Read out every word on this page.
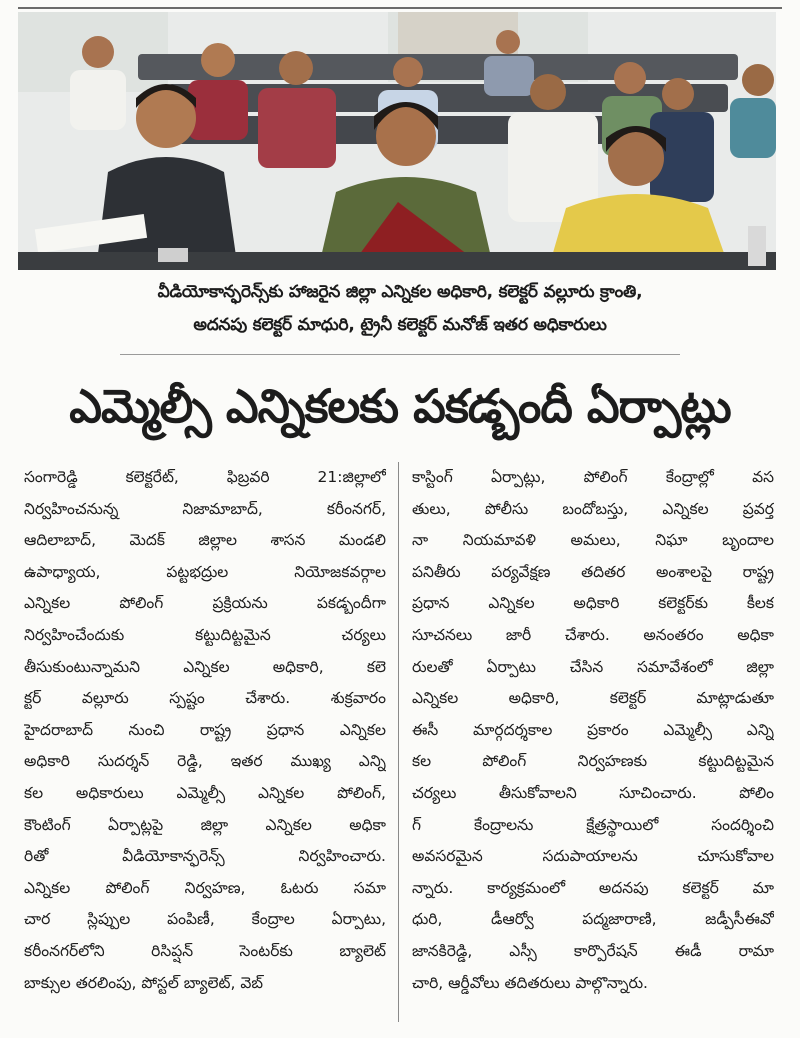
వీడియోకాన్ఫరెన్స్‌కు హాజరైన జిల్లా ఎన్నికల అధికారి, కలెక్టర్ వల్లూరు క్రాంతి,
అదనపు కలెక్టర్ మాధురి, ట్రైనీ కలెక్టర్ మనోజ్ ఇతర అధికారులు
ఎమ్మెల్సీ ఎన్నికలకు పకడ్బందీ ఏర్పాట్లు
సంగారెడ్డి కలెక్టరేట్, ఫిబ్రవరి 21:జిల్లాలో
నిర్వహించనున్న నిజామాబాద్, కరీంనగర్,
ఆదిలాబాద్, మెదక్ జిల్లాల శాసన మండలి
ఉపాధ్యాయ, పట్టభద్రుల నియోజకవర్గాల
ఎన్నికల పోలింగ్ ప్రక్రియను పకడ్బందీగా
నిర్వహించేందుకు కట్టుదిట్టమైన చర్యలు
తీసుకుంటున్నామని ఎన్నికల అధికారి, కలె
క్టర్ వల్లూరు స్పష్టం చేశారు. శుక్రవారం
హైదరాబాద్ నుంచి రాష్ట్ర ప్రధాన ఎన్నికల
అధికారి సుదర్శన్ రెడ్డి, ఇతర ముఖ్య ఎన్ని
కల అధికారులు ఎమ్మెల్సీ ఎన్నికల పోలింగ్,
కౌంటింగ్ ఏర్పాట్లపై జిల్లా ఎన్నికల అధికా
రితో వీడియోకాన్ఫరెన్స్ నిర్వహించారు.
ఎన్నికల పోలింగ్ నిర్వహణ, ఓటరు సమా
చార స్లిప్పుల పంపిణీ, కేంద్రాల ఏర్పాటు,
కరీంనగర్‌లోని రిసిప్షన్ సెంటర్‌కు బ్యాలెట్
బాక్సుల తరలింపు, పోస్టల్ బ్యాలెట్, వెబ్
కాస్టింగ్ ఏర్పాట్లు, పోలింగ్ కేంద్రాల్లో వస
తులు, పోలీసు బందోబస్తు, ఎన్నికల ప్రవర్త
నా నియమావళి అమలు, నిఘా బృందాల
పనితీరు పర్యవేక్షణ తదితర అంశాలపై రాష్ట్ర
ప్రధాన ఎన్నికల అధికారి కలెక్టర్‌కు కీలక
సూచనలు జారీ చేశారు. అనంతరం అధికా
రులతో ఏర్పాటు చేసిన సమావేశంలో జిల్లా
ఎన్నికల అధికారి, కలెక్టర్ మాట్లాడుతూ
ఈసీ మార్గదర్శకాల ప్రకారం ఎమ్మెల్సీ ఎన్ని
కల పోలింగ్ నిర్వహణకు కట్టుదిట్టమైన
చర్యలు తీసుకోవాలని సూచించారు. పోలిం
గ్ కేంద్రాలను క్షేత్రస్థాయిలో సందర్శించి
అవసరమైన సదుపాయాలను చూసుకోవాల
న్నారు. కార్యక్రమంలో అదనపు కలెక్టర్ మా
ధురి, డీఆర్వో పద్మజారాణి, జడ్పీసీఈవో
జానకిరెడ్డి, ఎస్సీ కార్పొరేషన్ ఈడీ రామా
చారి, ఆర్డీవోలు తదితరులు పాల్గొన్నారు.
